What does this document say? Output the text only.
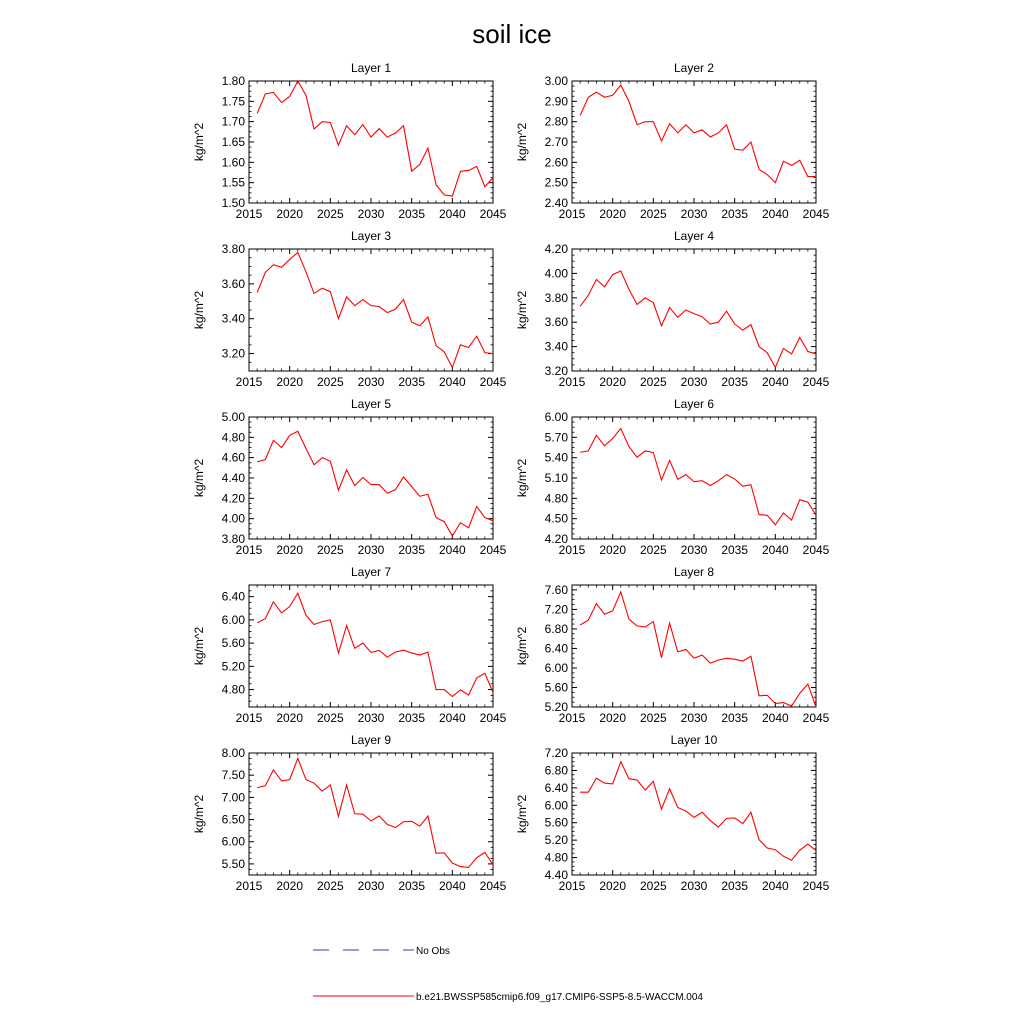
soil ice
No Obs
b.e21.BWSSP585cmip6.f09_g17.CMIP6-SSP5-8.5-WACCM.004
Layer 1
2015 2020 2025 2030 2035 2040 2045
1.50
1.55
1.60
1.65
1.70
1.75
1.80
kg/m^2
Layer 2
2015 2020 2025 2030 2035 2040 2045
2.40
2.50
2.60
2.70
2.80
2.90
3.00
kg/m^2
Layer 3
2015 2020 2025 2030 2035 2040 2045
3.20
3.40
3.60
3.80
kg/m^2
Layer 4
2015 2020 2025 2030 2035 2040 2045
3.20
3.40
3.60
3.80
4.00
4.20
kg/m^2
Layer 5
2015 2020 2025 2030 2035 2040 2045
3.80
4.00
4.20
4.40
4.60
4.80
5.00
kg/m^2
Layer 6
2015 2020 2025 2030 2035 2040 2045
4.20
4.50
4.80
5.10
5.40
5.70
6.00
kg/m^2
Layer 7
2015 2020 2025 2030 2035 2040 2045
4.80
5.20
5.60
6.00
6.40
kg/m^2
Layer 8
2015 2020 2025 2030 2035 2040 2045
5.20
5.60
6.00
6.40
6.80
7.20
7.60
kg/m^2
Layer 9
2015 2020 2025 2030 2035 2040 2045
5.50
6.00
6.50
7.00
7.50
8.00
kg/m^2
Layer 10
2015 2020 2025 2030 2035 2040 2045
4.40
4.80
5.20
5.60
6.00
6.40
6.80
7.20
kg/m^2
